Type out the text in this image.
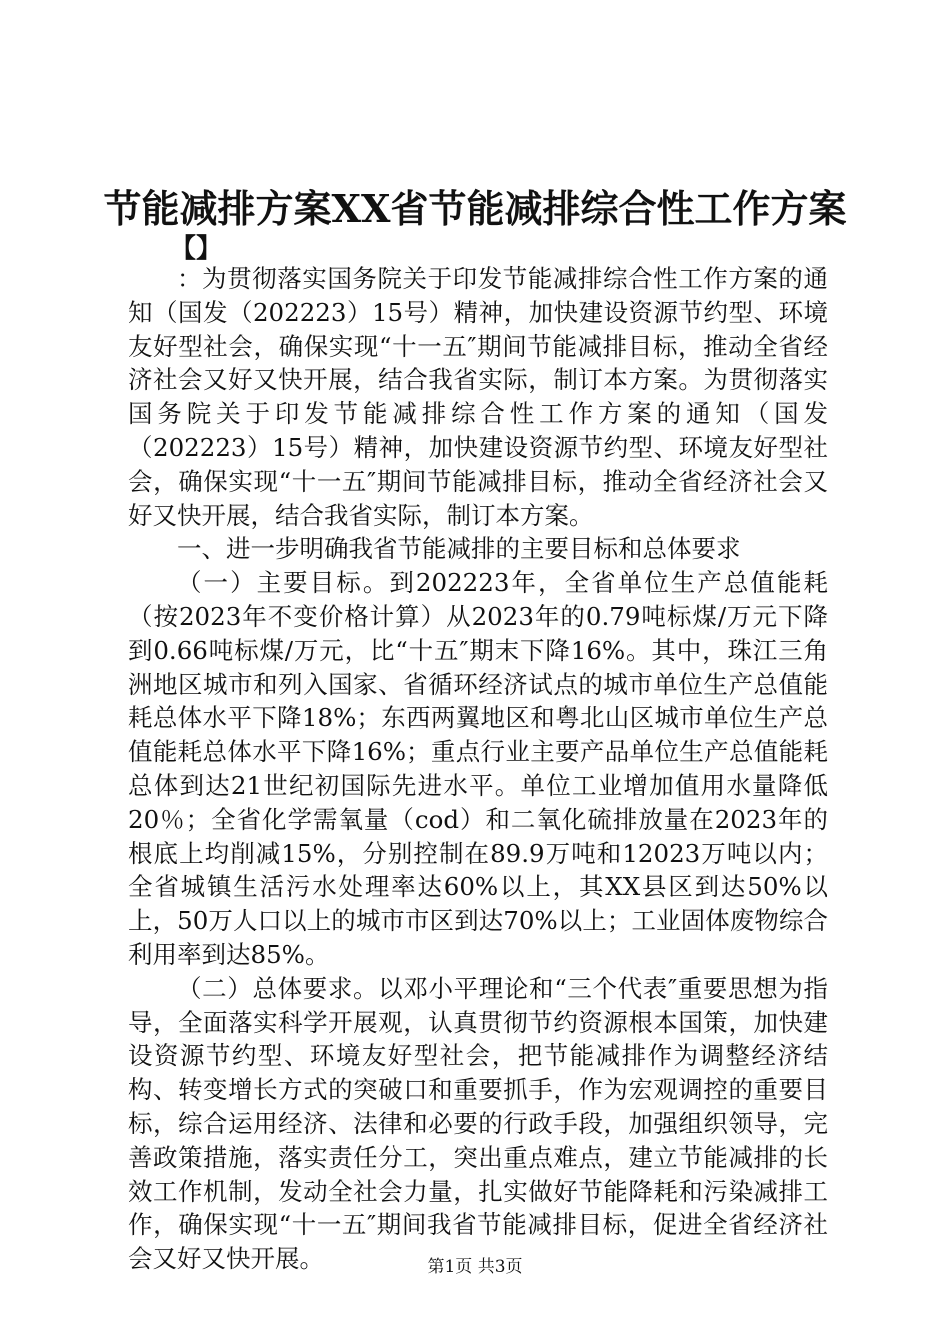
节能减排方案XX省节能减排综合性工作方案
【】

：为贯彻落实国务院关于印发节能减排综合性工作方案的通知（国发（202223）15号）精神，加快建设资源节约型、环境友好型社会，确保实现“十一五″期间节能减排目标，推动全省经济社会又好又快开展，结合我省实际，制订本方案。为贯彻落实国务院关于印发节能减排综合性工作方案的通知（国发（202223）15号）精神，加快建设资源节约型、环境友好型社会，确保实现“十一五″期间节能减排目标，推动全省经济社会又好又快开展，结合我省实际，制订本方案。

一、进一步明确我省节能减排的主要目标和总体要求

（一）主要目标。到202223年，全省单位生产总值能耗（按2023年不变价格计算）从2023年的0.79吨标煤/万元下降到0.66吨标煤/万元，比“十五″期末下降16%。其中，珠江三角洲地区城市和列入国家、省循环经济试点的城市单位生产总值能耗总体水平下降18%；东西两翼地区和粤北山区城市单位生产总值能耗总体水平下降16%；重点行业主要产品单位生产总值能耗总体到达21世纪初国际先进水平。单位工业增加值用水量降低20％；全省化学需氧量（cod）和二氧化硫排放量在2023年的根底上均削减15%，分别控制在89.9万吨和12023万吨以内；全省城镇生活污水处理率达60%以上，其XX县区到达50%以上，50万人口以上的城市市区到达70%以上；工业固体废物综合利用率到达85%。

（二）总体要求。以邓小平理论和“三个代表″重要思想为指导，全面落实科学开展观，认真贯彻节约资源根本国策，加快建设资源节约型、环境友好型社会，把节能减排作为调整经济结构、转变增长方式的突破口和重要抓手，作为宏观调控的重要目标，综合运用经济、法律和必要的行政手段，加强组织领导，完善政策措施，落实责任分工，突出重点难点，建立节能减排的长效工作机制，发动全社会力量，扎实做好节能降耗和污染减排工作，确保实现“十一五″期间我省节能减排目标，促进全省经济社会又好又快开展。	第1页 共3页
